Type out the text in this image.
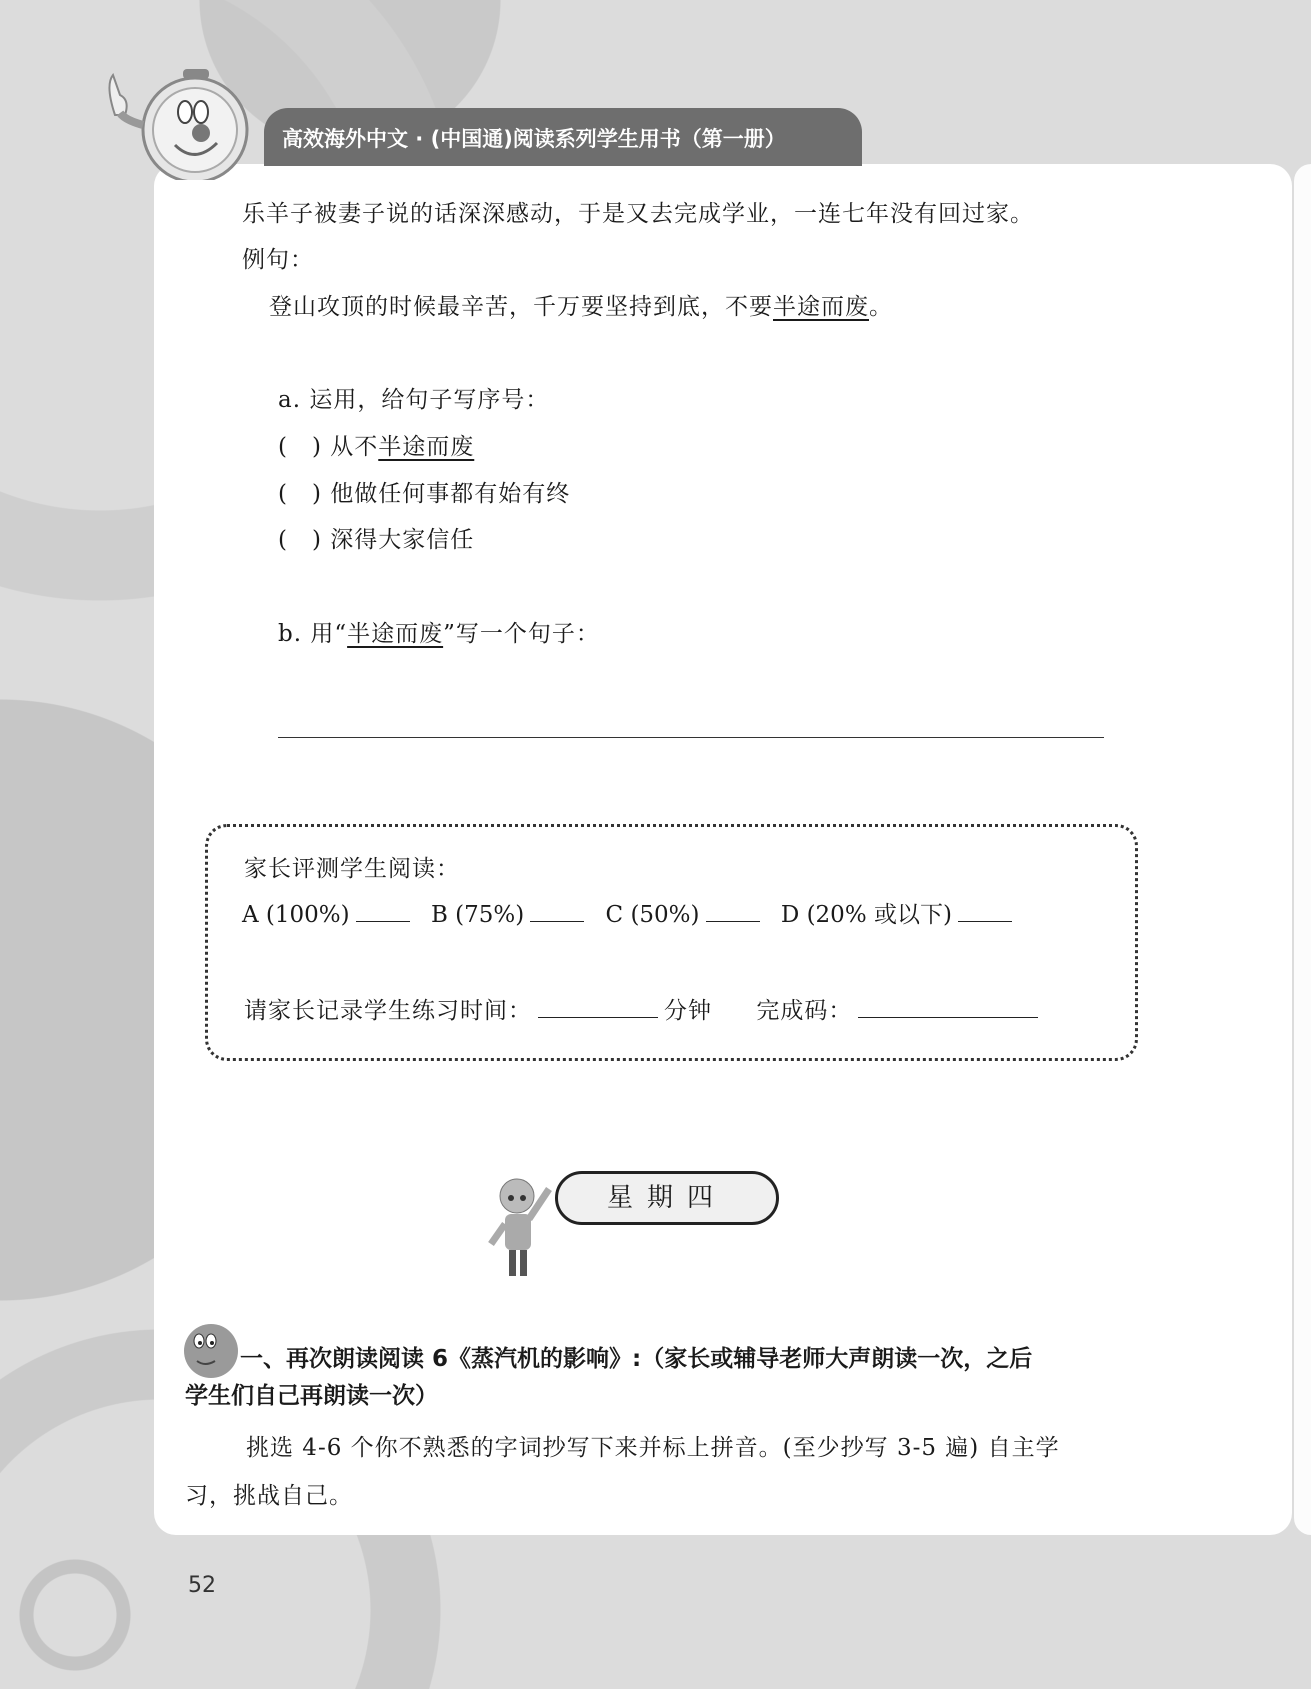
高效海外中文 · (中国通)阅读系列学生用书（第一册）
乐羊子被妻子说的话深深感动，于是又去完成学业，一连七年没有回过家。
例句：
登山攻顶的时候最辛苦，千万要坚持到底，不要半途而废。
a. 运用，给句子写序号：
(　) 从不半途而废
(　) 他做任何事都有始有终
(　) 深得大家信任
b. 用“半途而废”写一个句子：
家长评测学生阅读：
A (100%)	B (75%)	C (50%)	D (20% 或以下)
请家长记录学生练习时间：	分钟 完成码：
星期四
一、再次朗读阅读 6《蒸汽机的影响》:（家长或辅导老师大声朗读一次，之后
学生们自己再朗读一次）
挑选 4-6 个你不熟悉的字词抄写下来并标上拼音。(至少抄写 3-5 遍) 自主学
习，挑战自己。
52
